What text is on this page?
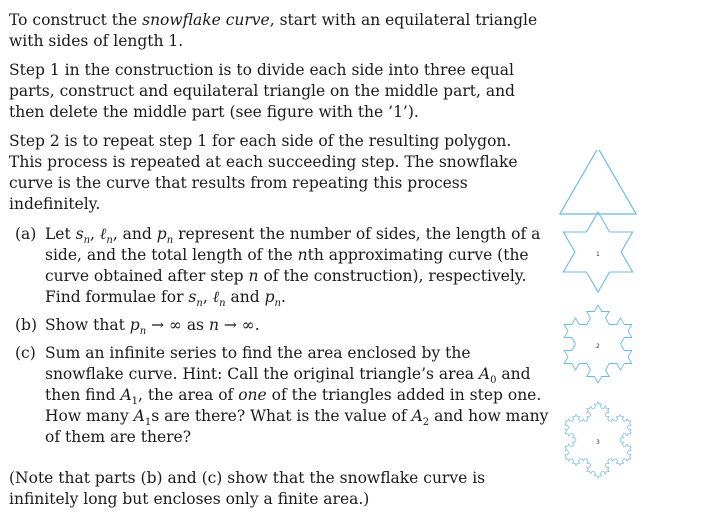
To construct the snowflake curve, start with an equilateral triangle with sides of length 1.

Step 1 in the construction is to divide each side into three equal parts, construct and equilateral triangle on the middle part, and then delete the middle part (see figure with the ’1’).

Step 2 is to repeat step 1 for each side of the resulting polygon. This process is repeated at each succeeding step. The snowflake curve is the curve that results from repeating this process indefinitely.

(a) Let $s_n$, ℓ$_n$, and $p_n$ represent the number of sides, the length of a side, and the total length of the nth approximating curve (the curve obtained after step n of the construction), respectively. Find formulae for $s_n$, ℓ$_n$ and $p_n$.
(b) Show that $p_n$ → ∞ as n → ∞.
(c) Sum an infinite series to find the area enclosed by the snowflake curve. Hint: Call the original triangle’s area $A_0$ and then find $A_1$, the area of one of the triangles added in step one. How many $A_1s$ are there? What is the value of $A_2$ and how many of them are there?

(Note that parts (b) and (c) show that the snowflake curve is infinitely long but encloses only a finite area.)

1
2
3
